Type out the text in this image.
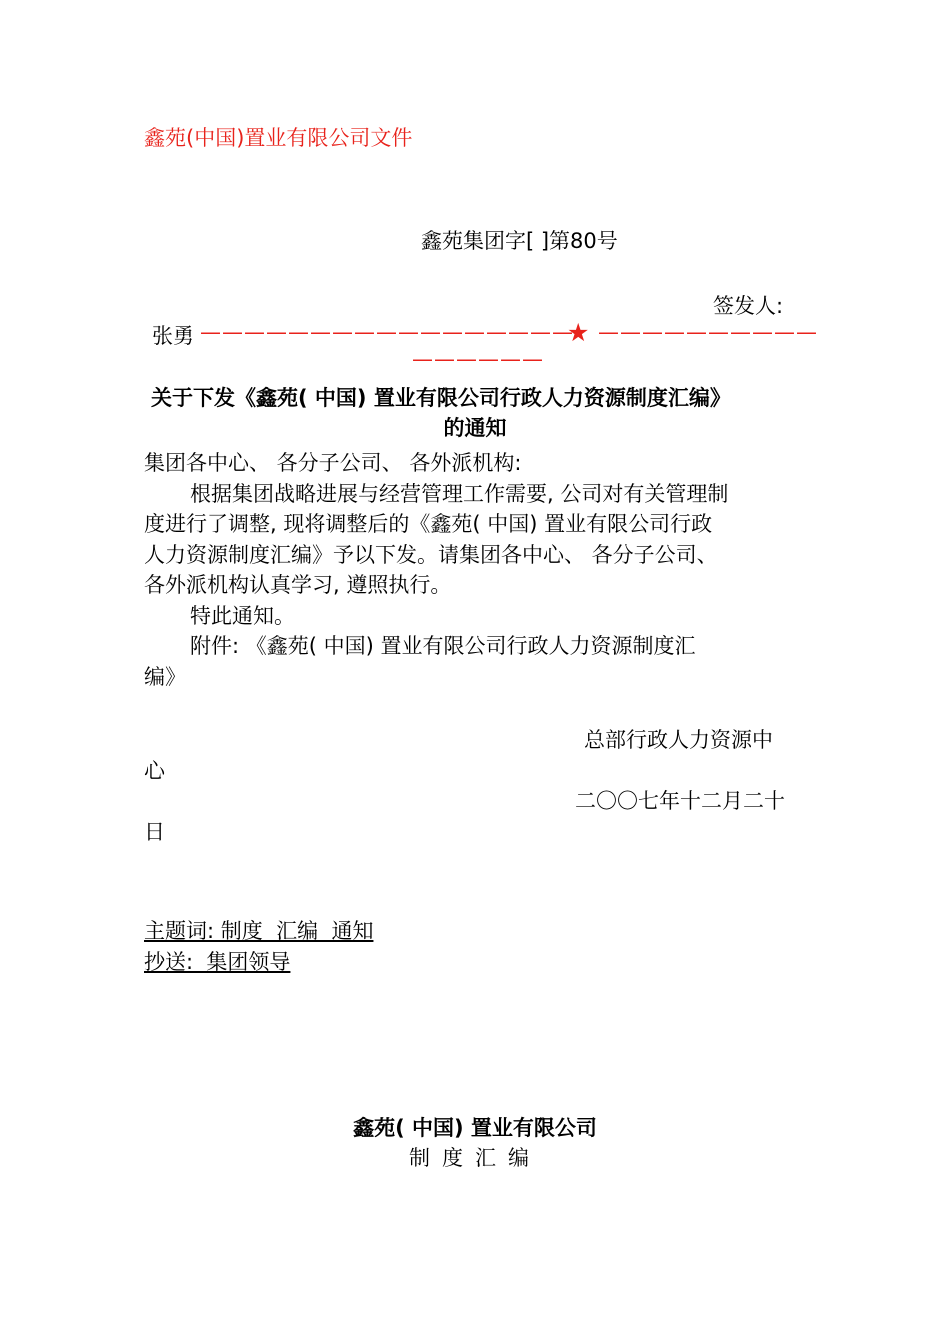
鑫苑(中国)置业有限公司文件
鑫苑集团字[ ]第80号
签发人:
张勇 —————————————————
★ ——————————
——————
关于下发《鑫苑( 中国) 置业有限公司行政人力资源制度汇编》
的通知
集团各中心、 各分子公司、 各外派机构:
根据集团战略进展与经营管理工作需要, 公司对有关管理制
度进行了调整, 现将调整后的《鑫苑( 中国) 置业有限公司行政
人力资源制度汇编》予以下发。请集团各中心、 各分子公司、
各外派机构认真学习, 遵照执行。
特此通知。
附件: 《鑫苑( 中国) 置业有限公司行政人力资源制度汇
编》
总部行政人力资源中
心
二〇〇七年十二月二十
日
主题词: 制度  汇编  通知
抄送:  集团领导
鑫苑( 中国) 置业有限公司
制度汇编
